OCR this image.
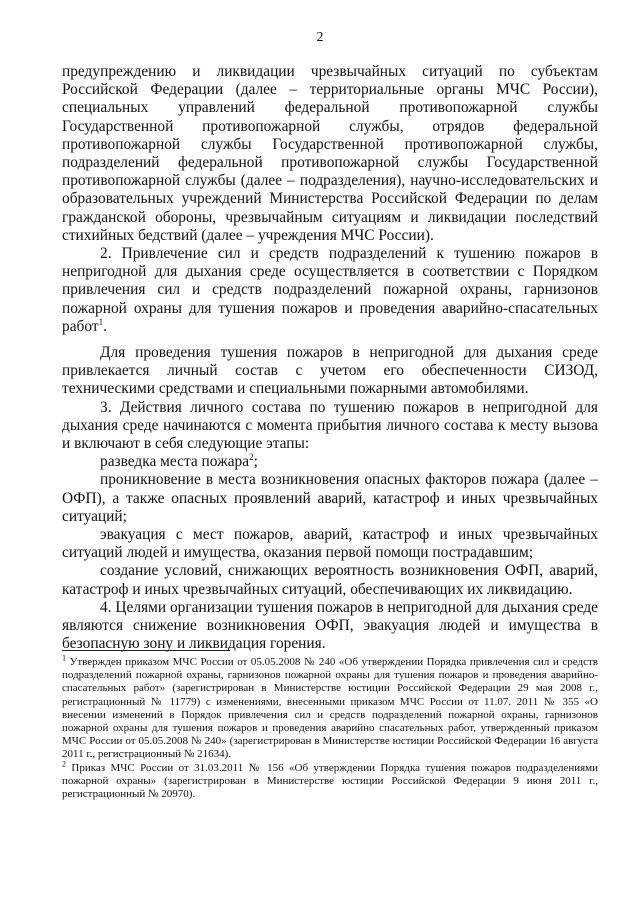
2

предупреждению и ликвидации чрезвычайных ситуаций по субъектам Российской Федерации (далее – территориальные органы МЧС России), специальных управлений федеральной противопожарной службы Государственной противопожарной службы, отрядов федеральной противопожарной службы Государственной противопожарной службы, подразделений федеральной противопожарной службы Государственной противопожарной службы (далее – подразделения), научно-исследовательских и образовательных учреждений Министерства Российской Федерации по делам гражданской обороны, чрезвычайным ситуациям и ликвидации последствий стихийных бедствий (далее – учреждения МЧС России).

2. Привлечение сил и средств подразделений к тушению пожаров в непригодной для дыхания среде осуществляется в соответствии с Порядком привлечения сил и средств подразделений пожарной охраны, гарнизонов пожарной охраны для тушения пожаров и проведения аварийно-спасательных работ$^1$.

Для проведения тушения пожаров в непригодной для дыхания среде привлекается личный состав с учетом его обеспеченности СИЗОД, техническими средствами и специальными пожарными автомобилями.

3. Действия личного состава по тушению пожаров в непригодной для дыхания среде начинаются с момента прибытия личного состава к месту вызова и включают в себя следующие этапы:

разведка места пожара$^2$;

проникновение в места возникновения опасных факторов пожара (далее – ОФП), а также опасных проявлений аварий, катастроф и иных чрезвычайных ситуаций;

эвакуация с мест пожаров, аварий, катастроф и иных чрезвычайных ситуаций людей и имущества, оказания первой помощи пострадавшим;

создание условий, снижающих вероятность возникновения ОФП, аварий, катастроф и иных чрезвычайных ситуаций, обеспечивающих их ликвидацию.

4. Целями организации тушения пожаров в непригодной для дыхания среде являются снижение возникновения ОФП, эвакуация людей и имущества в безопасную зону и ликвидация горения.

$^1$ Утвержден приказом МЧС России от 05.05.2008 № 240 «Об утверждении Порядка привлечения сил и средств подразделений пожарной охраны, гарнизонов пожарной охраны для тушения пожаров и проведения аварийно- спасательных работ» (зарегистрирован в Министерстве юстиции Российской Федерации 29 мая 2008 г., регистрационный № 11779) с изменениями, внесенными приказом МЧС России от 11.07. 2011 № 355 «О внесении изменений в Порядок привлечения сил и средств подразделений пожарной охраны, гарнизонов пожарной охраны для тушения пожаров и проведения аварийно спасательных работ, утвержденный приказом МЧС России от 05.05.2008 № 240» (зарегистрирован в Министерстве юстиции Российской Федерации 16 августа 2011 г., регистрационный № 21634).

$^2$ Приказ МЧС России от 31.03.2011 № 156 «Об утверждении Порядка тушения пожаров подразделениями пожарной охраны» (зарегистрирован в Министерстве юстиции Российской Федерации 9 июня 2011 г., регистрационный № 20970).
